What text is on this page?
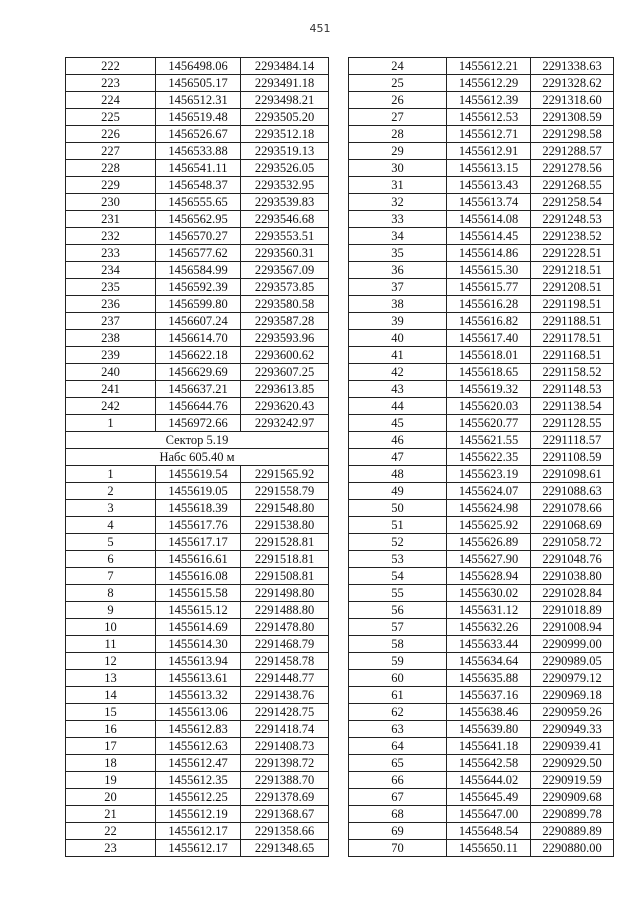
451
222	1456498.06	2293484.14
223	1456505.17	2293491.18
224	1456512.31	2293498.21
225	1456519.48	2293505.20
226	1456526.67	2293512.18
227	1456533.88	2293519.13
228	1456541.11	2293526.05
229	1456548.37	2293532.95
230	1456555.65	2293539.83
231	1456562.95	2293546.68
232	1456570.27	2293553.51
233	1456577.62	2293560.31
234	1456584.99	2293567.09
235	1456592.39	2293573.85
236	1456599.80	2293580.58
237	1456607.24	2293587.28
238	1456614.70	2293593.96
239	1456622.18	2293600.62
240	1456629.69	2293607.25
241	1456637.21	2293613.85
242	1456644.76	2293620.43
1	1456972.66	2293242.97
Сектор 5.19		
Набс 605.40 м		
1	1455619.54	2291565.92
2	1455619.05	2291558.79
3	1455618.39	2291548.80
4	1455617.76	2291538.80
5	1455617.17	2291528.81
6	1455616.61	2291518.81
7	1455616.08	2291508.81
8	1455615.58	2291498.80
9	1455615.12	2291488.80
10	1455614.69	2291478.80
11	1455614.30	2291468.79
12	1455613.94	2291458.78
13	1455613.61	2291448.77
14	1455613.32	2291438.76
15	1455613.06	2291428.75
16	1455612.83	2291418.74
17	1455612.63	2291408.73
18	1455612.47	2291398.72
19	1455612.35	2291388.70
20	1455612.25	2291378.69
21	1455612.19	2291368.67
22	1455612.17	2291358.66
23	1455612.17	2291348.65
24	1455612.21	2291338.63
25	1455612.29	2291328.62
26	1455612.39	2291318.60
27	1455612.53	2291308.59
28	1455612.71	2291298.58
29	1455612.91	2291288.57
30	1455613.15	2291278.56
31	1455613.43	2291268.55
32	1455613.74	2291258.54
33	1455614.08	2291248.53
34	1455614.45	2291238.52
35	1455614.86	2291228.51
36	1455615.30	2291218.51
37	1455615.77	2291208.51
38	1455616.28	2291198.51
39	1455616.82	2291188.51
40	1455617.40	2291178.51
41	1455618.01	2291168.51
42	1455618.65	2291158.52
43	1455619.32	2291148.53
44	1455620.03	2291138.54
45	1455620.77	2291128.55
46	1455621.55	2291118.57
47	1455622.35	2291108.59
48	1455623.19	2291098.61
49	1455624.07	2291088.63
50	1455624.98	2291078.66
51	1455625.92	2291068.69
52	1455626.89	2291058.72
53	1455627.90	2291048.76
54	1455628.94	2291038.80
55	1455630.02	2291028.84
56	1455631.12	2291018.89
57	1455632.26	2291008.94
58	1455633.44	2290999.00
59	1455634.64	2290989.05
60	1455635.88	2290979.12
61	1455637.16	2290969.18
62	1455638.46	2290959.26
63	1455639.80	2290949.33
64	1455641.18	2290939.41
65	1455642.58	2290929.50
66	1455644.02	2290919.59
67	1455645.49	2290909.68
68	1455647.00	2290899.78
69	1455648.54	2290889.89
70	1455650.11	2290880.00
